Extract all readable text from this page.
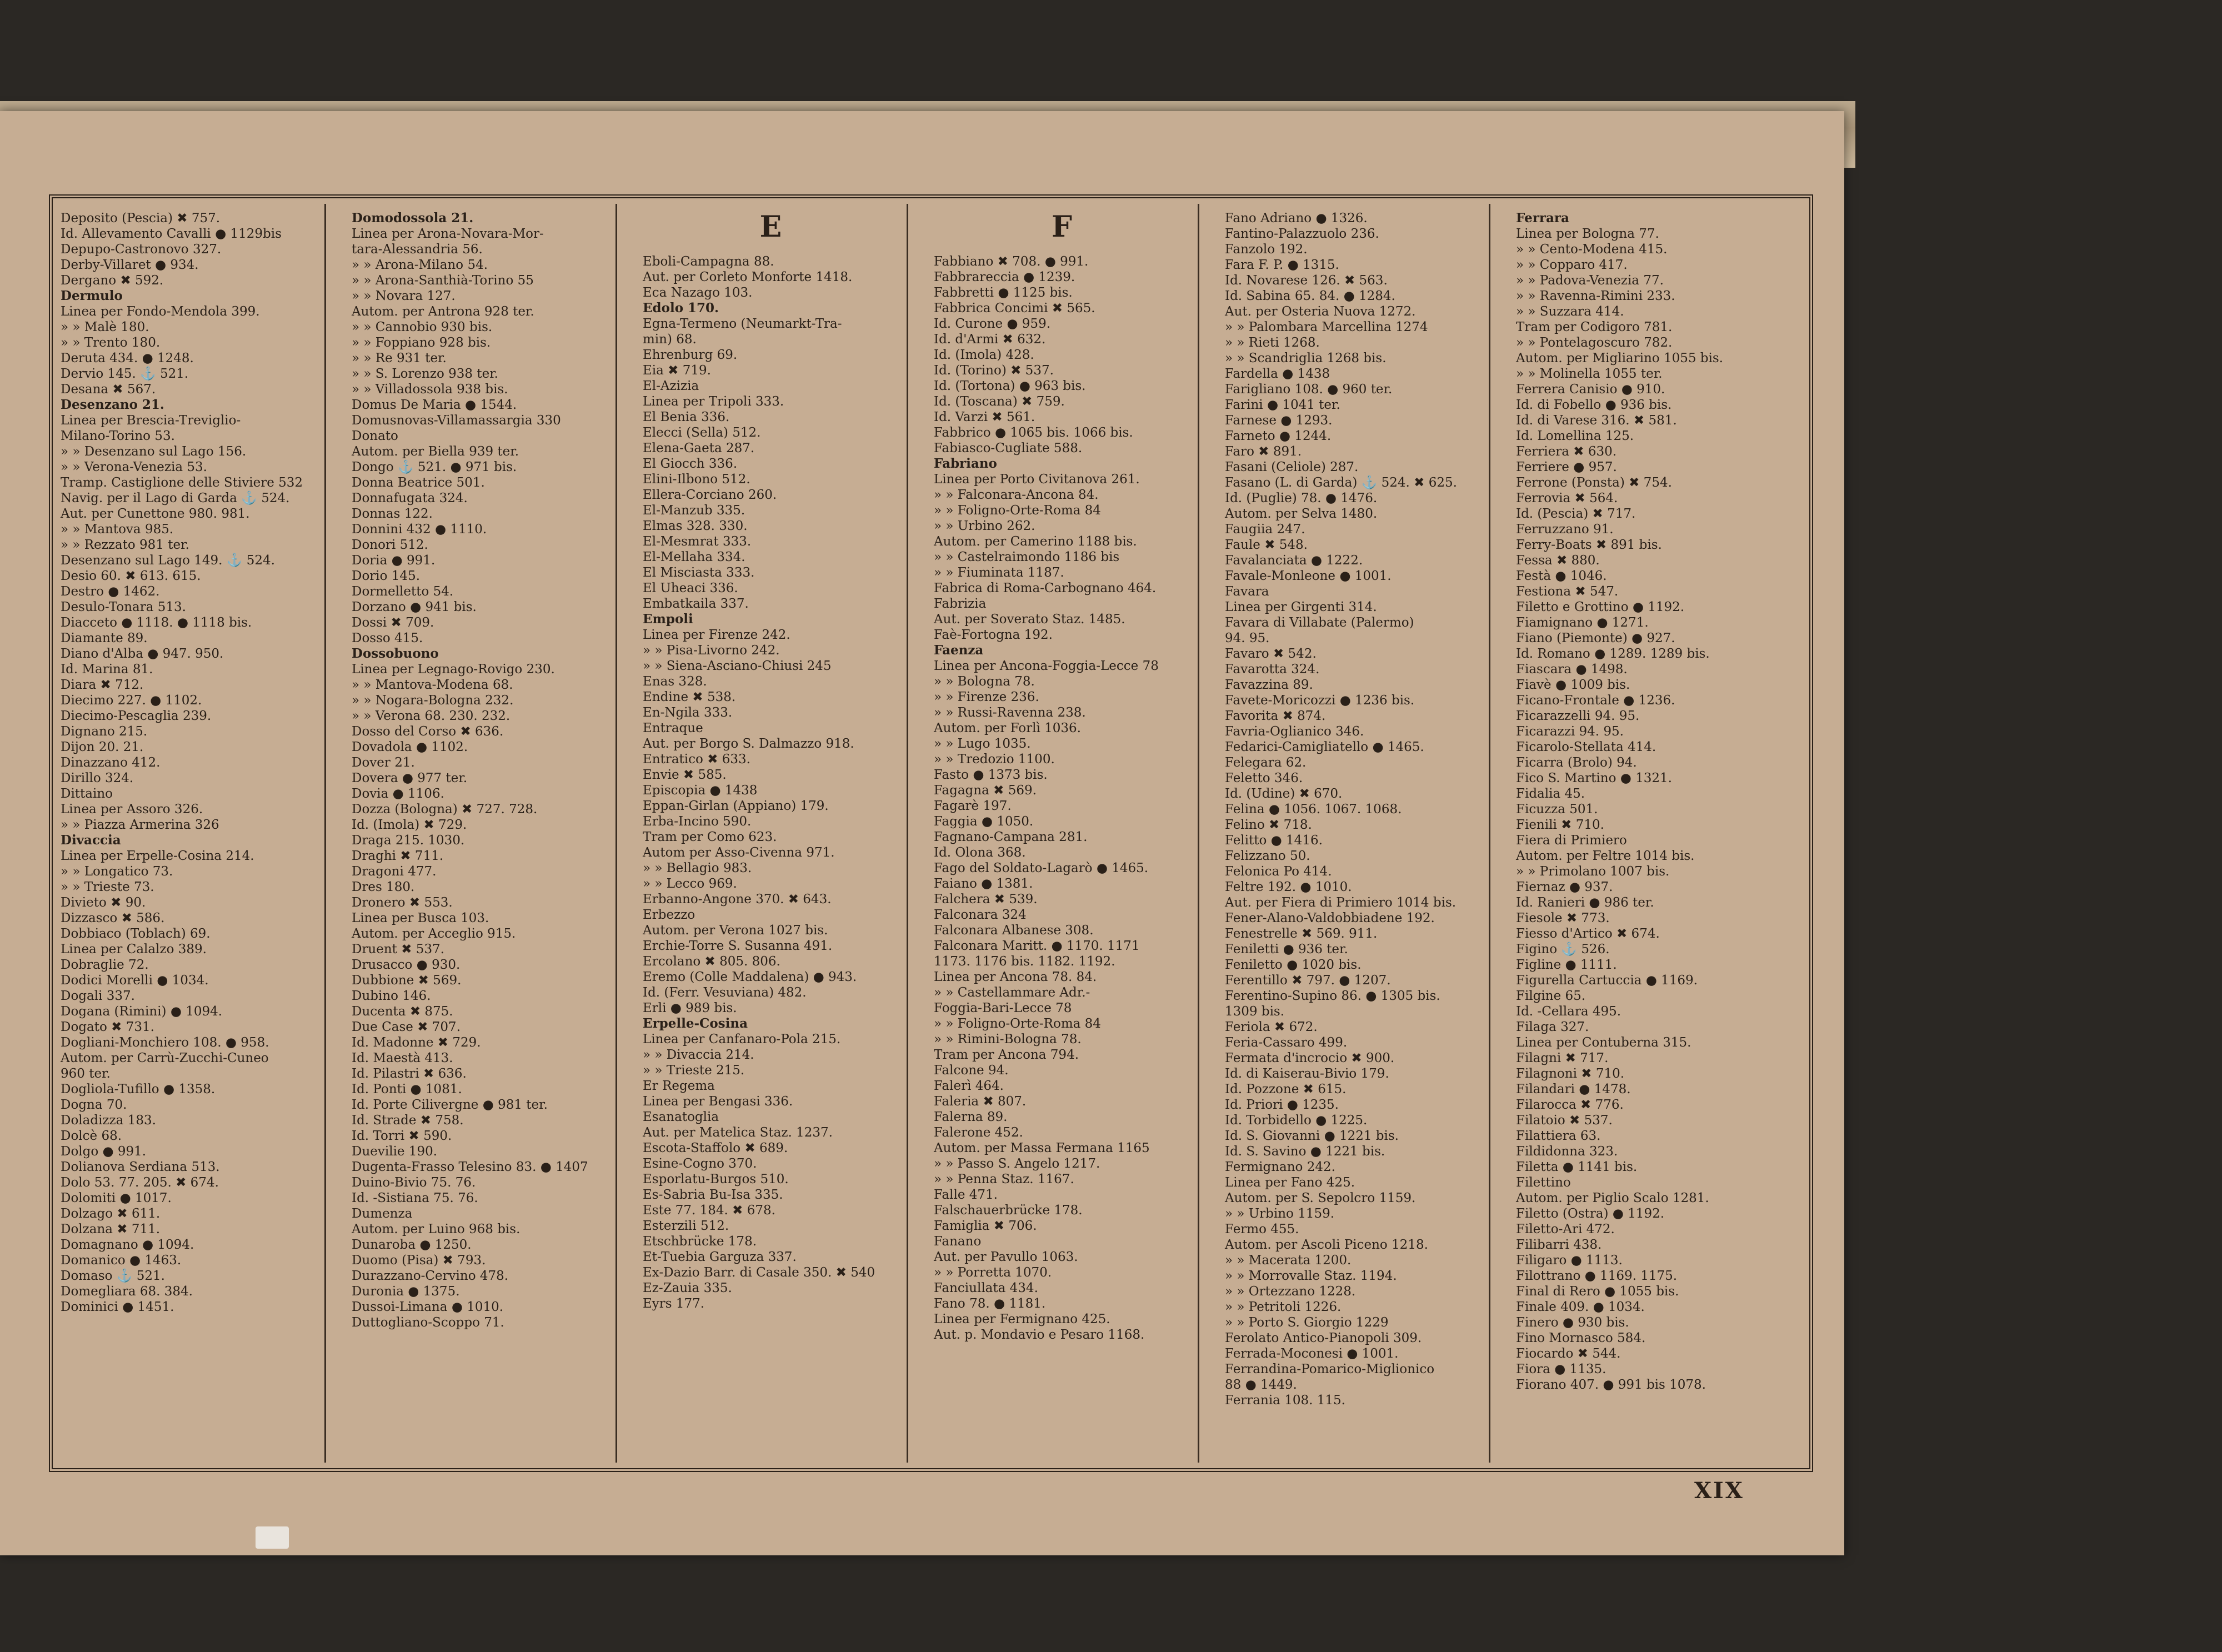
Deposito (Pescia) ✖ 757.

Id. Allevamento Cavalli ● 1129bis

Depupo-Castronovo 327.

Derby-Villaret ● 934.

Dergano ✖ 592.

Dermulo

Linea per Fondo-Mendola 399.

» » Malè 180.

» » Trento 180.

Deruta 434. ● 1248.

Dervio 145. ⚓ 521.

Desana ✖ 567.

Desenzano 21.

Linea per Brescia-Treviglio-

Milano-Torino 53.

» » Desenzano sul Lago 156.

» » Verona-Venezia 53.

Tramp. Castiglione delle Stiviere 532

Navig. per il Lago di Garda ⚓ 524.

Aut. per Cunettone 980. 981.

» » Mantova 985.

» » Rezzato 981 ter.

Desenzano sul Lago 149. ⚓ 524.

Desio 60. ✖ 613. 615.

Destro ● 1462.

Desulo-Tonara 513.

Diacceto ● 1118. ● 1118 bis.

Diamante 89.

Diano d'Alba ● 947. 950.

Id. Marina 81.

Diara ✖ 712.

Diecimo 227. ● 1102.

Diecimo-Pescaglia 239.

Dignano 215.

Dijon 20. 21.

Dinazzano 412.

Dirillo 324.

Dittaino

Linea per Assoro 326.

» » Piazza Armerina 326

Divaccia

Linea per Erpelle-Cosina 214.

» » Longatico 73.

» » Trieste 73.

Divieto ✖ 90.

Dizzasco ✖ 586.

Dobbiaco (Toblach) 69.

Linea per Calalzo 389.

Dobraglie 72.

Dodici Morelli ● 1034.

Dogali 337.

Dogana (Rimini) ● 1094.

Dogato ✖ 731.

Dogliani-Monchiero 108. ● 958.

Autom. per Carrù-Zucchi-Cuneo

960 ter.

Dogliola-Tufillo ● 1358.

Dogna 70.

Doladizza 183.

Dolcè 68.

Dolgo ● 991.

Dolianova Serdiana 513.

Dolo 53. 77. 205. ✖ 674.

Dolomiti ● 1017.

Dolzago ✖ 611.

Dolzana ✖ 711.

Domagnano ● 1094.

Domanico ● 1463.

Domaso ⚓ 521.

Domegliara 68. 384.

Dominici ● 1451.

Domodossola 21.

Linea per Arona-Novara-Mor-

tara-Alessandria 56.

» » Arona-Milano 54.

» » Arona-Santhià-Torino 55

» » Novara 127.

Autom. per Antrona 928 ter.

» » Cannobio 930 bis.

» » Foppiano 928 bis.

» » Re 931 ter.

» » S. Lorenzo 938 ter.

» » Villadossola 938 bis.

Domus De Maria ● 1544.

Domusnovas-Villamassargia 330

Donato

Autom. per Biella 939 ter.

Dongo ⚓ 521. ● 971 bis.

Donna Beatrice 501.

Donnafugata 324.

Donnas 122.

Donnini 432 ● 1110.

Donori 512.

Doria ● 991.

Dorio 145.

Dormelletto 54.

Dorzano ● 941 bis.

Dossi ✖ 709.

Dosso 415.

Dossobuono

Linea per Legnago-Rovigo 230.

» » Mantova-Modena 68.

» » Nogara-Bologna 232.

» » Verona 68. 230. 232.

Dosso del Corso ✖ 636.

Dovadola ● 1102.

Dover 21.

Dovera ● 977 ter.

Dovia ● 1106.

Dozza (Bologna) ✖ 727. 728.

Id. (Imola) ✖ 729.

Draga 215. 1030.

Draghi ✖ 711.

Dragoni 477.

Dres 180.

Dronero ✖ 553.

Linea per Busca 103.

Autom. per Acceglio 915.

Druent ✖ 537.

Drusacco ● 930.

Dubbione ✖ 569.

Dubino 146.

Ducenta ✖ 875.

Due Case ✖ 707.

Id. Madonne ✖ 729.

Id. Maestà 413.

Id. Pilastri ✖ 636.

Id. Ponti ● 1081.

Id. Porte Cilivergne ● 981 ter.

Id. Strade ✖ 758.

Id. Torri ✖ 590.

Duevilie 190.

Dugenta-Frasso Telesino 83. ● 1407

Duino-Bivio 75. 76.

Id. -Sistiana 75. 76.

Dumenza

Autom. per Luino 968 bis.

Dunaroba ● 1250.

Duomo (Pisa) ✖ 793.

Durazzano-Cervino 478.

Duronia ● 1375.

Dussoi-Limana ● 1010.

Duttogliano-Scoppo 71.

E

Eboli-Campagna 88.

Aut. per Corleto Monforte 1418.

Eca Nazago 103.

Edolo 170.

Egna-Termeno (Neumarkt-Tra-

min) 68.

Ehrenburg 69.

Eia ✖ 719.

El-Azizia

Linea per Tripoli 333.

El Benia 336.

Elecci (Sella) 512.

Elena-Gaeta 287.

El Giocch 336.

Elini-Ilbono 512.

Ellera-Corciano 260.

El-Manzub 335.

Elmas 328. 330.

El-Mesmrat 333.

El-Mellaha 334.

El Misciasta 333.

El Uheaci 336.

Embatkaila 337.

Empoli

Linea per Firenze 242.

» » Pisa-Livorno 242.

» » Siena-Asciano-Chiusi 245

Enas 328.

Endine ✖ 538.

En-Ngila 333.

Entraque

Aut. per Borgo S. Dalmazzo 918.

Entratico ✖ 633.

Envie ✖ 585.

Episcopia ● 1438

Eppan-Girlan (Appiano) 179.

Erba-Incino 590.

Tram per Como 623.

Autom per Asso-Civenna 971.

» » Bellagio 983.

» » Lecco 969.

Erbanno-Angone 370. ✖ 643.

Erbezzo

Autom. per Verona 1027 bis.

Erchie-Torre S. Susanna 491.

Ercolano ✖ 805. 806.

Eremo (Colle Maddalena) ● 943.

Id. (Ferr. Vesuviana) 482.

Erli ● 989 bis.

Erpelle-Cosina

Linea per Canfanaro-Pola 215.

» » Divaccia 214.

» » Trieste 215.

Er Regema

Linea per Bengasi 336.

Esanatoglia

Aut. per Matelica Staz. 1237.

Escota-Staffolo ✖ 689.

Esine-Cogno 370.

Esporlatu-Burgos 510.

Es-Sabria Bu-Isa 335.

Este 77. 184. ✖ 678.

Esterzili 512.

Etschbrücke 178.

Et-Tuebia Garguza 337.

Ex-Dazio Barr. di Casale 350. ✖ 540

Ez-Zauia 335.

Eyrs 177.

F

Fabbiano ✖ 708. ● 991.

Fabbrareccia ● 1239.

Fabbretti ● 1125 bis.

Fabbrica Concimi ✖ 565.

Id. Curone ● 959.

Id. d'Armi ✖ 632.

Id. (Imola) 428.

Id. (Torino) ✖ 537.

Id. (Tortona) ● 963 bis.

Id. (Toscana) ✖ 759.

Id. Varzi ✖ 561.

Fabbrico ● 1065 bis. 1066 bis.

Fabiasco-Cugliate 588.

Fabriano

Linea per Porto Civitanova 261.

» » Falconara-Ancona 84.

» » Foligno-Orte-Roma 84

» » Urbino 262.

Autom. per Camerino 1188 bis.

» » Castelraimondo 1186 bis

» » Fiuminata 1187.

Fabrica di Roma-Carbognano 464.

Fabrizia

Aut. per Soverato Staz. 1485.

Faè-Fortogna 192.

Faenza

Linea per Ancona-Foggia-Lecce 78

» » Bologna 78.

» » Firenze 236.

» » Russi-Ravenna 238.

Autom. per Forlì 1036.

» » Lugo 1035.

» » Tredozio 1100.

Fasto ● 1373 bis.

Fagagna ✖ 569.

Fagarè 197.

Faggia ● 1050.

Fagnano-Campana 281.

Id. Olona 368.

Fago del Soldato-Lagarò ● 1465.

Faiano ● 1381.

Falchera ✖ 539.

Falconara 324

Falconara Albanese 308.

Falconara Maritt. ● 1170. 1171

1173. 1176 bis. 1182. 1192.

Linea per Ancona 78. 84.

» » Castellammare Adr.-

Foggia-Bari-Lecce 78

» » Foligno-Orte-Roma 84

» » Rimini-Bologna 78.

Tram per Ancona 794.

Falcone 94.

Falerì 464.

Faleria ✖ 807.

Falerna 89.

Falerone 452.

Autom. per Massa Fermana 1165

» » Passo S. Angelo 1217.

» » Penna Staz. 1167.

Falle 471.

Falschauerbrücke 178.

Famiglia ✖ 706.

Fanano

Aut. per Pavullo 1063.

» » Porretta 1070.

Fanciullata 434.

Fano 78. ● 1181.

Linea per Fermignano 425.

Aut. p. Mondavio e Pesaro 1168.

Fano Adriano ● 1326.

Fantino-Palazzuolo 236.

Fanzolo 192.

Fara F. P. ● 1315.

Id. Novarese 126. ✖ 563.

Id. Sabina 65. 84. ● 1284.

Aut. per Osteria Nuova 1272.

» » Palombara Marcellina 1274

» » Rieti 1268.

» » Scandriglia 1268 bis.

Fardella ● 1438

Farigliano 108. ● 960 ter.

Farini ● 1041 ter.

Farnese ● 1293.

Farneto ● 1244.

Faro ✖ 891.

Fasani (Celiole) 287.

Fasano (L. di Garda) ⚓ 524. ✖ 625.

Id. (Puglie) 78. ● 1476.

Autom. per Selva 1480.

Faugiia 247.

Faule ✖ 548.

Favalanciata ● 1222.

Favale-Monleone ● 1001.

Favara

Linea per Girgenti 314.

Favara di Villabate (Palermo)

94. 95.

Favaro ✖ 542.

Favarotta 324.

Favazzina 89.

Favete-Moricozzi ● 1236 bis.

Favorita ✖ 874.

Favria-Oglianico 346.

Fedarici-Camigliatello ● 1465.

Felegara 62.

Feletto 346.

Id. (Udine) ✖ 670.

Felina ● 1056. 1067. 1068.

Felino ✖ 718.

Felitto ● 1416.

Felizzano 50.

Felonica Po 414.

Feltre 192. ● 1010.

Aut. per Fiera di Primiero 1014 bis.

Fener-Alano-Valdobbiadene 192.

Fenestrelle ✖ 569. 911.

Feniletti ● 936 ter.

Feniletto ● 1020 bis.

Ferentillo ✖ 797. ● 1207.

Ferentino-Supino 86. ● 1305 bis.

1309 bis.

Feriola ✖ 672.

Feria-Cassaro 499.

Fermata d'incrocio ✖ 900.

Id. di Kaiserau-Bivio 179.

Id. Pozzone ✖ 615.

Id. Priori ● 1235.

Id. Torbidello ● 1225.

Id. S. Giovanni ● 1221 bis.

Id. S. Savino ● 1221 bis.

Fermignano 242.

Linea per Fano 425.

Autom. per S. Sepolcro 1159.

» » Urbino 1159.

Fermo 455.

Autom. per Ascoli Piceno 1218.

» » Macerata 1200.

» » Morrovalle Staz. 1194.

» » Ortezzano 1228.

» » Petritoli 1226.

» » Porto S. Giorgio 1229

Ferolato Antico-Pianopoli 309.

Ferrada-Moconesi ● 1001.

Ferrandina-Pomarico-Miglionico

88 ● 1449.

Ferrania 108. 115.

Ferrara

Linea per Bologna 77.

» » Cento-Modena 415.

» » Copparo 417.

» » Padova-Venezia 77.

» » Ravenna-Rimini 233.

» » Suzzara 414.

Tram per Codigoro 781.

» » Pontelagoscuro 782.

Autom. per Migliarino 1055 bis.

» » Molinella 1055 ter.

Ferrera Canisio ● 910.

Id. di Fobello ● 936 bis.

Id. di Varese 316. ✖ 581.

Id. Lomellina 125.

Ferriera ✖ 630.

Ferriere ● 957.

Ferrone (Ponsta) ✖ 754.

Ferrovia ✖ 564.

Id. (Pescia) ✖ 717.

Ferruzzano 91.

Ferry-Boats ✖ 891 bis.

Fessa ✖ 880.

Festà ● 1046.

Festiona ✖ 547.

Filetto e Grottino ● 1192.

Fiamignano ● 1271.

Fiano (Piemonte) ● 927.

Id. Romano ● 1289. 1289 bis.

Fiascara ● 1498.

Fiavè ● 1009 bis.

Ficano-Frontale ● 1236.

Ficarazzelli 94. 95.

Ficarazzi 94. 95.

Ficarolo-Stellata 414.

Ficarra (Brolo) 94.

Fico S. Martino ● 1321.

Fidalia 45.

Ficuzza 501.

Fienili ✖ 710.

Fiera di Primiero

Autom. per Feltre 1014 bis.

» » Primolano 1007 bis.

Fiernaz ● 937.

Id. Ranieri ● 986 ter.

Fiesole ✖ 773.

Fiesso d'Artico ✖ 674.

Figino ⚓ 526.

Figline ● 1111.

Figurella Cartuccia ● 1169.

Filgine 65.

Id. -Cellara 495.

Filaga 327.

Linea per Contuberna 315.

Filagni ✖ 717.

Filagnoni ✖ 710.

Filandari ● 1478.

Filarocca ✖ 776.

Filatoio ✖ 537.

Filattiera 63.

Fildidonna 323.

Filetta ● 1141 bis.

Filettino

Autom. per Piglio Scalo 1281.

Filetto (Ostra) ● 1192.

Filetto-Ari 472.

Filibarri 438.

Filigaro ● 1113.

Filottrano ● 1169. 1175.

Final di Rero ● 1055 bis.

Finale 409. ● 1034.

Finero ● 930 bis.

Fino Mornasco 584.

Fiocardo ✖ 544.

Fiora ● 1135.

Fiorano 407. ● 991 bis 1078.

XIX
